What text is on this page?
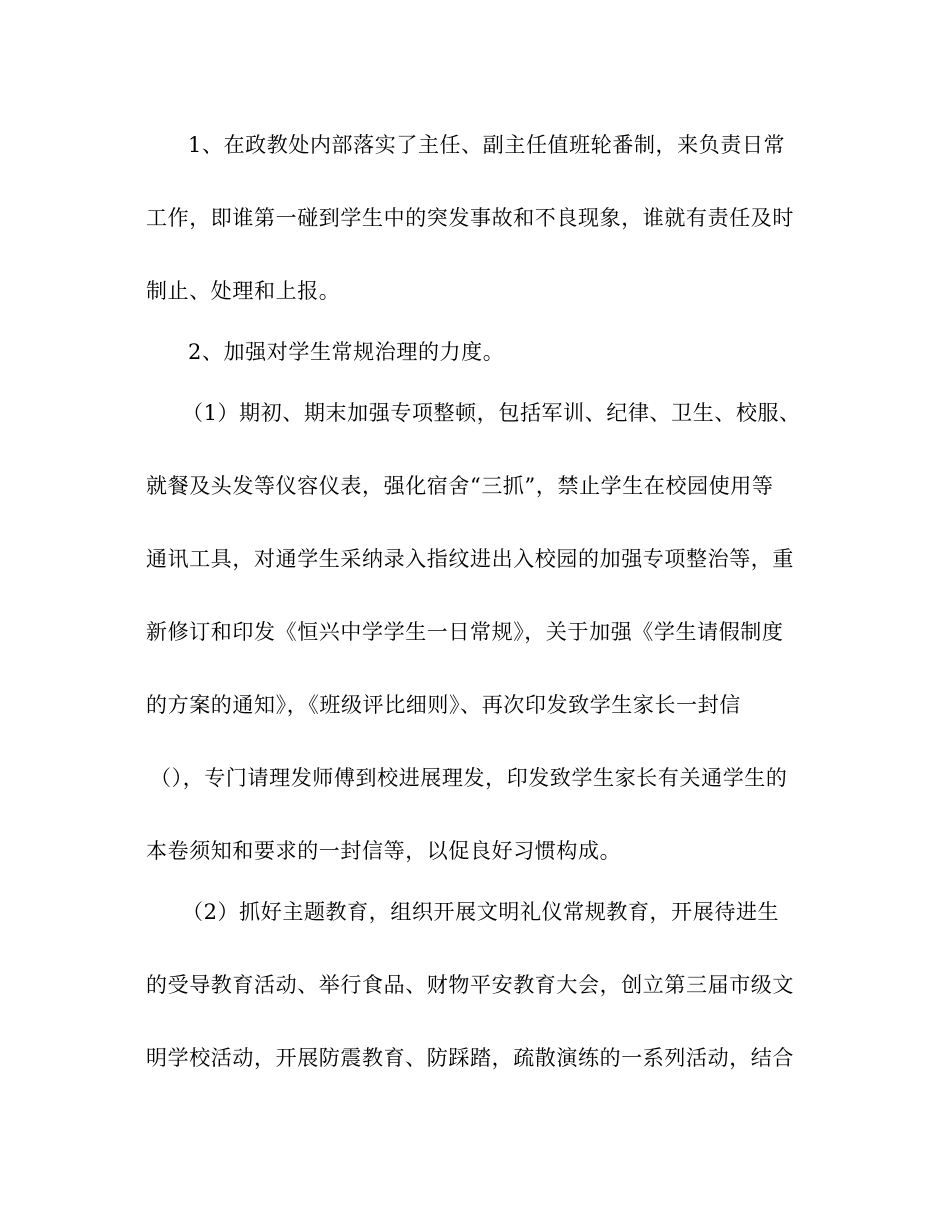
1、在政教处内部落实了主任、副主任值班轮番制，来负责日常
工作，即谁第一碰到学生中的突发事故和不良现象，谁就有责任及时
制止、处理和上报。
2、加强对学生常规治理的力度。
（1）期初、期末加强专项整顿，包括军训、纪律、卫生、校服、
就餐及头发等仪容仪表，强化宿舍“三抓”，禁止学生在校园使用等
通讯工具，对通学生采纳录入指纹进出入校园的加强专项整治等，重
新修订和印发《恒兴中学学生一日常规》，关于加强《学生请假制度
的方案的通知》，《班级评比细则》、再次印发致学生家长一封信
（），专门请理发师傅到校进展理发，印发致学生家长有关通学生的
本卷须知和要求的一封信等，以促良好习惯构成。
（2）抓好主题教育，组织开展文明礼仪常规教育，开展待进生
的受导教育活动、举行食品、财物平安教育大会，创立第三届市级文
明学校活动，开展防震教育、防踩踏，疏散演练的一系列活动，结合
